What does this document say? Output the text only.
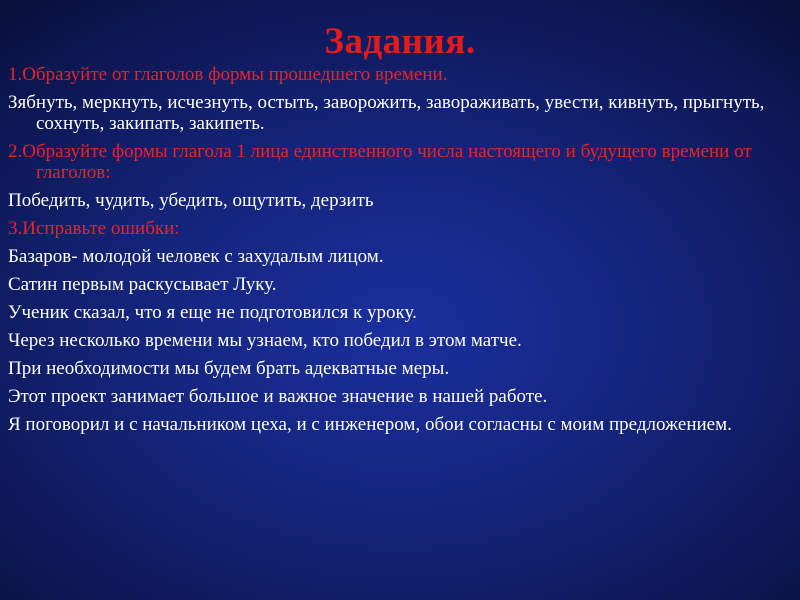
Задания.

1.Образуйте от глаголов формы прошедшего времени.

Зябнуть, меркнуть, исчезнуть, остыть, заворожить, завораживать, увести, кивнуть, прыгнуть, сохнуть, закипать, закипеть.

2.Образуйте формы глагола 1 лица единственного числа настоящего и будущего времени от глаголов:

Победить, чудить, убедить, ощутить, дерзить

3.Исправьте ошибки:

Базаров- молодой человек с захудалым лицом.

Сатин первым раскусывает Луку.

Ученик сказал, что я еще не подготовился к уроку.

Через несколько времени мы узнаем, кто победил в этом матче.

При необходимости мы будем брать адекватные меры.

Этот проект занимает большое и важное значение в нашей работе.

Я поговорил и с начальником цеха, и с инженером, обои согласны с моим предложением.
